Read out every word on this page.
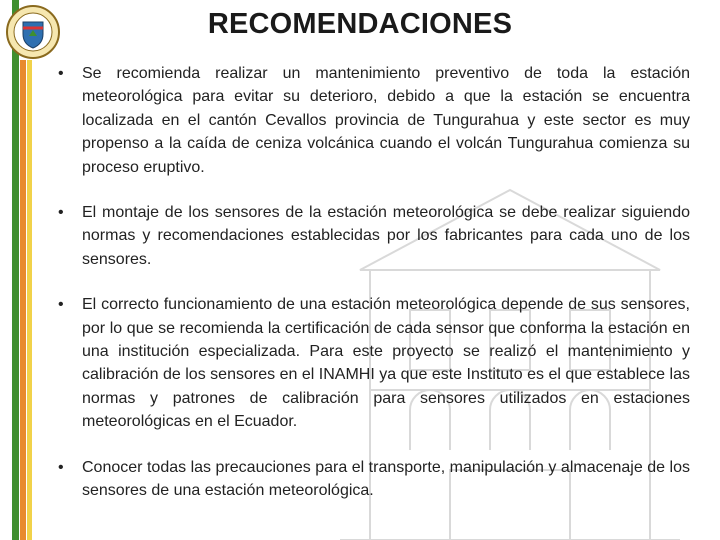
RECOMENDACIONES
• Se recomienda realizar un mantenimiento preventivo de toda la estación meteorológica para evitar su deterioro, debido a que la estación se encuentra localizada en el cantón Cevallos provincia de Tungurahua y este sector es muy propenso a la caída de ceniza volcánica cuando el volcán Tungurahua comienza su proceso eruptivo.
• El montaje de los sensores de la estación meteorológica se debe realizar siguiendo normas y recomendaciones establecidas por los fabricantes para cada uno de los sensores.
• El correcto funcionamiento de una estación meteorológica depende de sus sensores, por lo que se recomienda la certificación de cada sensor que conforma la estación en una institución especializada. Para este proyecto se realizó el mantenimiento y calibración de los sensores en el INAMHI ya que este Instituto es el que establece las normas y patrones de calibración para sensores utilizados en estaciones meteorológicas en el Ecuador.
• Conocer todas las precauciones para el transporte, manipulación y almacenaje de los sensores de una estación meteorológica.
